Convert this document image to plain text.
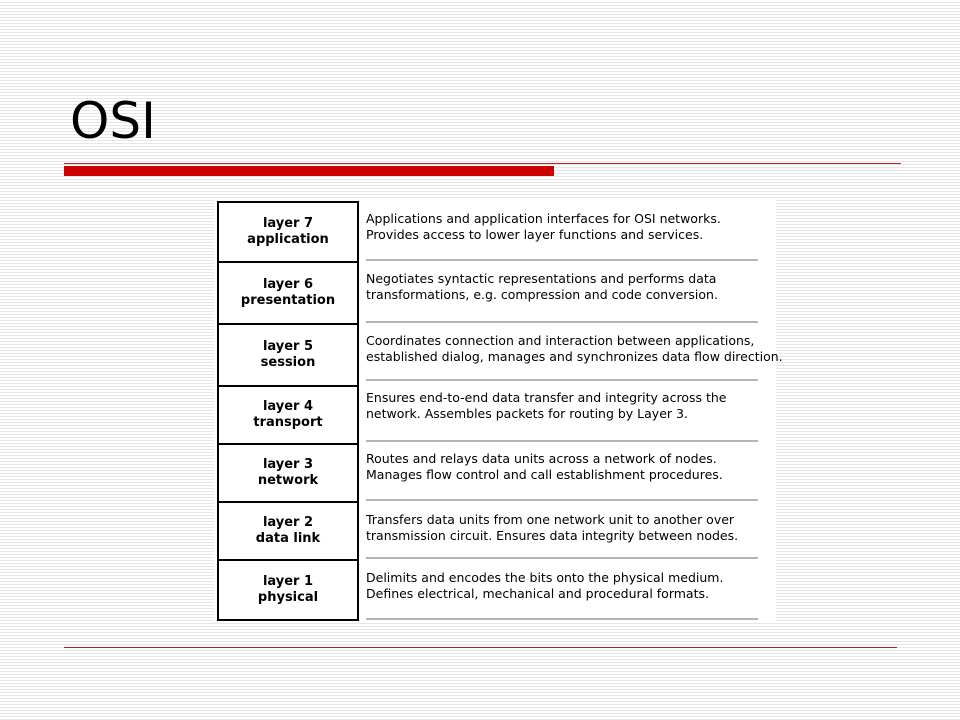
OSI
layer 7
application
layer 6
presentation
layer 5
session
layer 4
transport
layer 3
network
layer 2
data link
layer 1
physical
Applications and application interfaces for OSI networks.
Provides access to lower layer functions and services.
Negotiates syntactic representations and performs data
transformations, e.g. compression and code conversion.
Coordinates connection and interaction between applications,
established dialog, manages and synchronizes data flow direction.
Ensures end-to-end data transfer and integrity across the
network. Assembles packets for routing by Layer 3.
Routes and relays data units across a network of nodes.
Manages flow control and call establishment procedures.
Transfers data units from one network unit to another over
transmission circuit. Ensures data integrity between nodes.
Delimits and encodes the bits onto the physical medium.
Defines electrical, mechanical and procedural formats.
